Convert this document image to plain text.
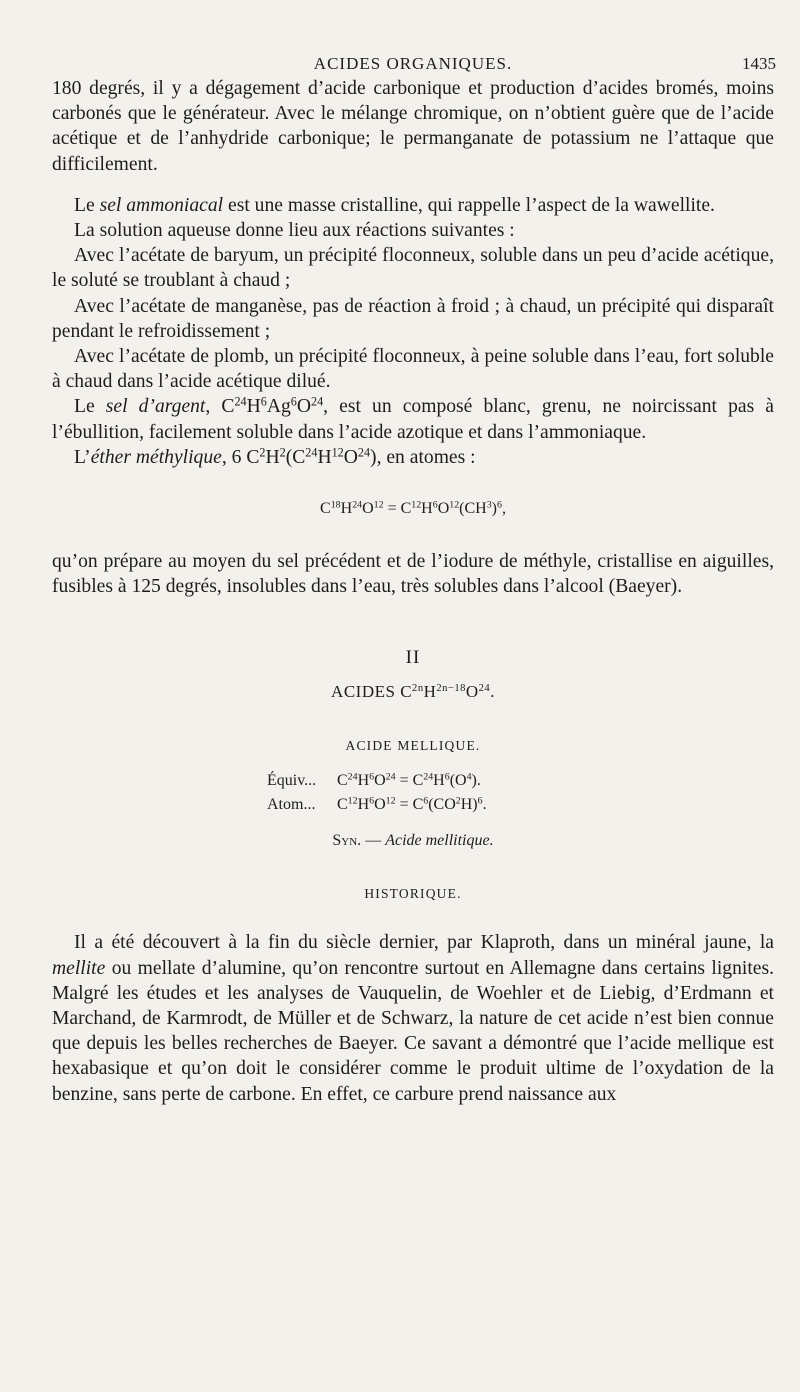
ACIDES ORGANIQUES.	1435

180 degrés, il y a dégagement d’acide carbonique et production d’acides bromés, moins carbonés que le générateur. Avec le mélange chromique, on n’obtient guère que de l’acide acétique et de l’anhydride carbonique; le permanganate de potassium ne l’attaque que difficilement.

Le sel ammoniacal est une masse cristalline, qui rappelle l’aspect de la wawellite.

La solution aqueuse donne lieu aux réactions suivantes :

Avec l’acétate de baryum, un précipité floconneux, soluble dans un peu d’acide acétique, le soluté se troublant à chaud ;

Avec l’acétate de manganèse, pas de réaction à froid ; à chaud, un précipité qui disparaît pendant le refroidissement ;

Avec l’acétate de plomb, un précipité floconneux, à peine soluble dans l’eau, fort soluble à chaud dans l’acide acétique dilué.

Le sel d’argent, $C^{24}H^6Ag^6O^{24}$, est un composé blanc, grenu, ne noircissant pas à l’ébullition, facilement soluble dans l’acide azotique et dans l’ammoniaque.

L’éther méthylique, 6 $C^2H^2(C^{24}H^{12}O^{24})$, en atomes :

$C^{18}H^{24}O^{12} = C^{12}H^6O^{12}(CH^3)^6$,

qu’on prépare au moyen du sel précédent et de l’iodure de méthyle, cristallise en aiguilles, fusibles à 125 degrés, insolubles dans l’eau, très solubles dans l’alcool (Baeyer).

II
ACIDES $C^{2n}H^{2n-18}O^{24}$.
ACIDE MELLIQUE.
Équiv... $C^{24}H^6O^{24} = C^{24}H^6(O^4)$.
Atom... $C^{12}H^6O^{12} = C^6(CO^2H)^6$.
Syn. — Acide mellitique.
HISTORIQUE.

Il a été découvert à la fin du siècle dernier, par Klaproth, dans un minéral jaune, la mellite ou mellate d’alumine, qu’on rencontre surtout en Allemagne dans certains lignites. Malgré les études et les analyses de Vauquelin, de Woehler et de Liebig, d’Erdmann et Marchand, de Karmrodt, de Müller et de Schwarz, la nature de cet acide n’est bien connue que depuis les belles recherches de Baeyer. Ce savant a démontré que l’acide mellique est hexabasique et qu’on doit le considérer comme le produit ultime de l’oxydation de la benzine, sans perte de carbone. En effet, ce carbure prend naissance aux
